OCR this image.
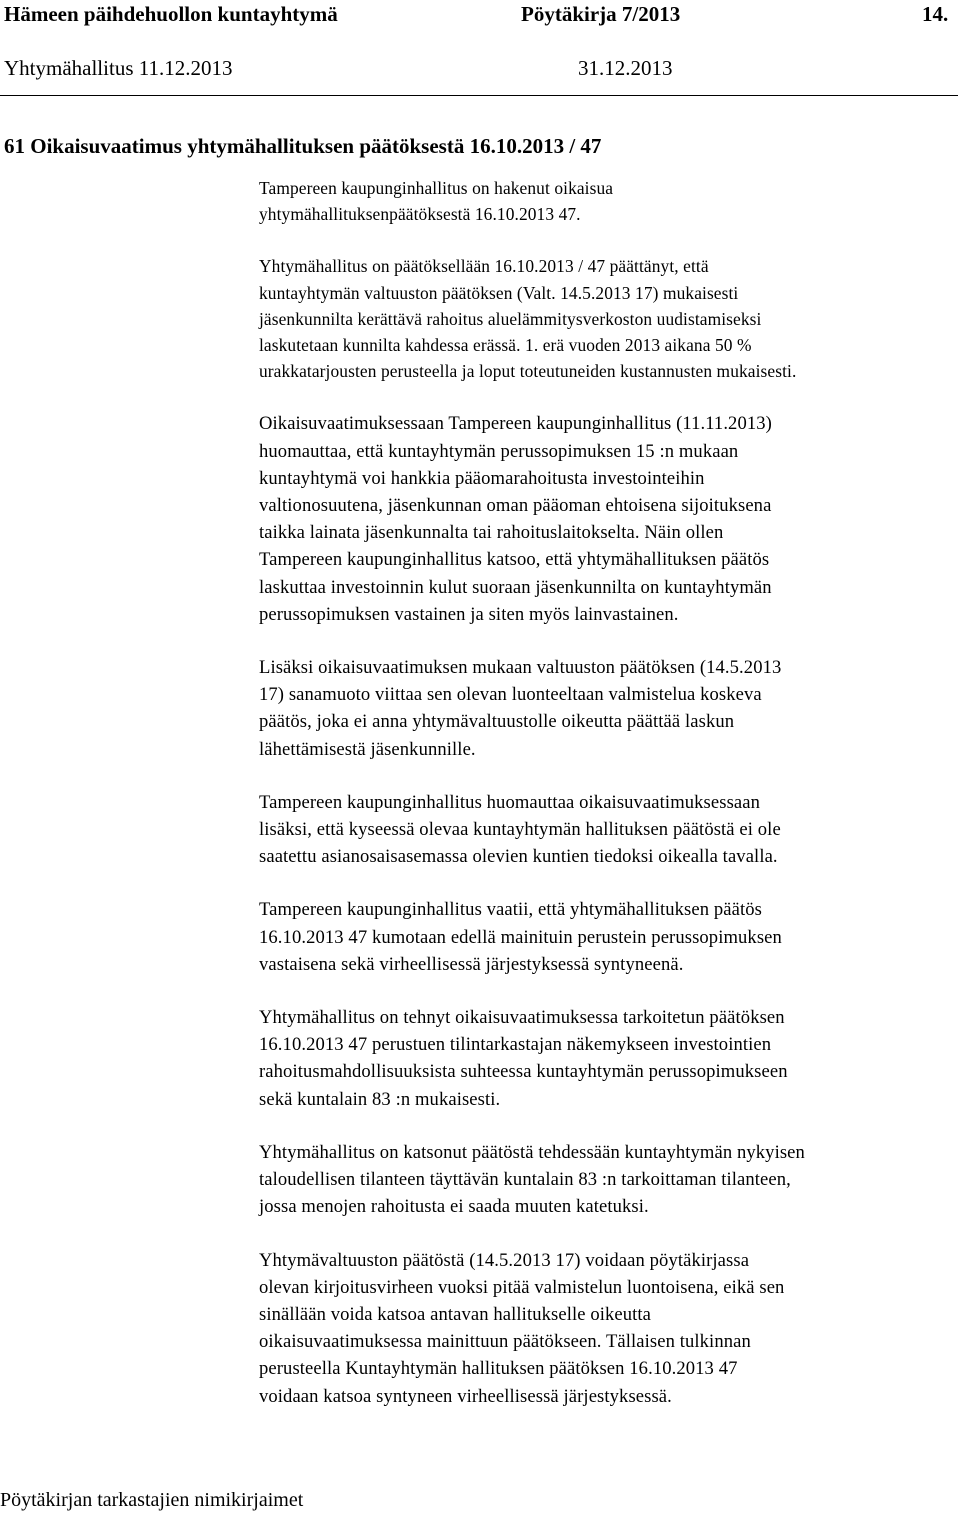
Hämeen päihdehuollon kuntayhtymä	Pöytäkirja 7/2013	14.
Yhtymähallitus 11.12.2013	31.12.2013
61 Oikaisuvaatimus yhtymähallituksen päätöksestä 16.10.2013 / 47
Tampereen kaupunginhallitus on hakenut oikaisua
yhtymähallituksenpäätöksestä 16.10.2013 47.
Yhtymähallitus on päätöksellään 16.10.2013 / 47 päättänyt, että
kuntayhtymän valtuuston päätöksen (Valt. 14.5.2013 17) mukaisesti
jäsenkunnilta kerättävä rahoitus aluelämmitysverkoston uudistamiseksi
laskutetaan kunnilta kahdessa erässä. 1. erä vuoden 2013 aikana 50 %
urakkatarjousten perusteella ja loput toteutuneiden kustannusten mukaisesti.
Oikaisuvaatimuksessaan Tampereen kaupunginhallitus (11.11.2013)
huomauttaa, että kuntayhtymän perussopimuksen 15 :n mukaan
kuntayhtymä voi hankkia pääomarahoitusta investointeihin
valtionosuutena, jäsenkunnan oman pääoman ehtoisena sijoituksena
taikka lainata jäsenkunnalta tai rahoituslaitokselta. Näin ollen
Tampereen kaupunginhallitus katsoo, että yhtymähallituksen päätös
laskuttaa investoinnin kulut suoraan jäsenkunnilta on kuntayhtymän
perussopimuksen vastainen ja siten myös lainvastainen.
Lisäksi oikaisuvaatimuksen mukaan valtuuston päätöksen (14.5.2013
17) sanamuoto viittaa sen olevan luonteeltaan valmistelua koskeva
päätös, joka ei anna yhtymävaltuustolle oikeutta päättää laskun
lähettämisestä jäsenkunnille.
Tampereen kaupunginhallitus huomauttaa oikaisuvaatimuksessaan
lisäksi, että kyseessä olevaa kuntayhtymän hallituksen päätöstä ei ole
saatettu asianosaisasemassa olevien kuntien tiedoksi oikealla tavalla.
Tampereen kaupunginhallitus vaatii, että yhtymähallituksen päätös
16.10.2013 47 kumotaan edellä mainituin perustein perussopimuksen
vastaisena sekä virheellisessä järjestyksessä syntyneenä.
Yhtymähallitus on tehnyt oikaisuvaatimuksessa tarkoitetun päätöksen
16.10.2013 47 perustuen tilintarkastajan näkemykseen investointien
rahoitusmahdollisuuksista suhteessa kuntayhtymän perussopimukseen
sekä kuntalain 83 :n mukaisesti.
Yhtymähallitus on katsonut päätöstä tehdessään kuntayhtymän nykyisen
taloudellisen tilanteen täyttävän kuntalain 83 :n tarkoittaman tilanteen,
jossa menojen rahoitusta ei saada muuten katetuksi.
Yhtymävaltuuston päätöstä (14.5.2013 17) voidaan pöytäkirjassa
olevan kirjoitusvirheen vuoksi pitää valmistelun luontoisena, eikä sen
sinällään voida katsoa antavan hallitukselle oikeutta
oikaisuvaatimuksessa mainittuun päätökseen. Tällaisen tulkinnan
perusteella Kuntayhtymän hallituksen päätöksen 16.10.2013 47
voidaan katsoa syntyneen virheellisessä järjestyksessä.
Pöytäkirjan tarkastajien nimikirjaimet
